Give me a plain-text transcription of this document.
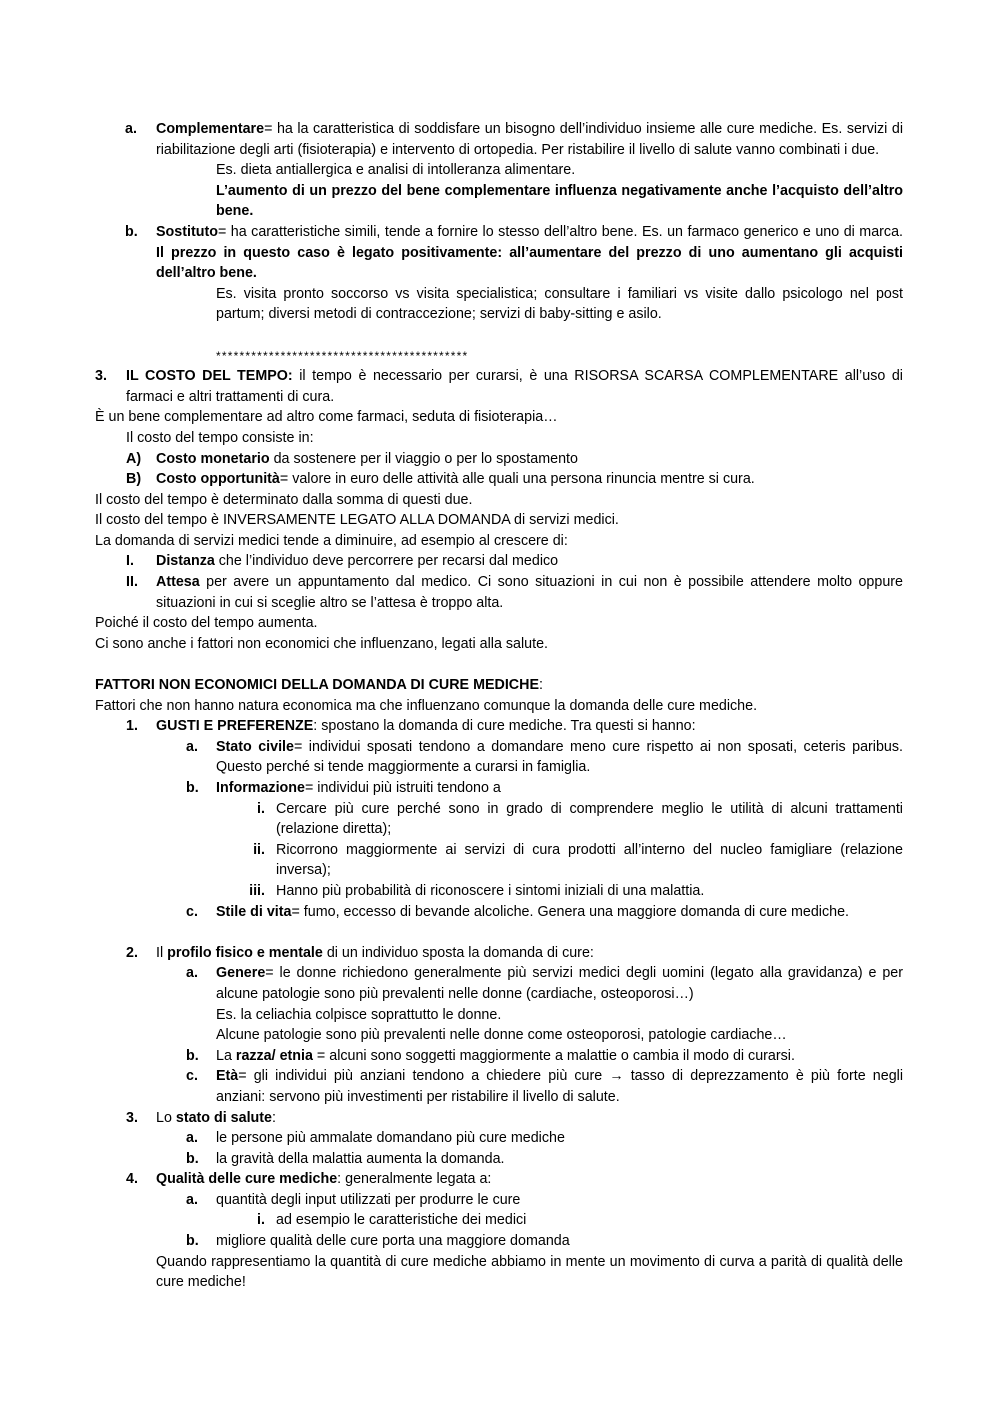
a. Complementare= ha la caratteristica di soddisfare un bisogno dell’individuo insieme alle cure mediche. Es. servizi di riabilitazione degli arti (fisioterapia) e intervento di ortopedia. Per ristabilire il livello di salute vanno combinati i due.
Es. dieta antiallergica e analisi di intolleranza alimentare.
L’aumento di un prezzo del bene complementare influenza negativamente anche l’acquisto dell’altro bene.
b. Sostituto= ha caratteristiche simili, tende a fornire lo stesso dell’altro bene. Es. un farmaco generico e uno di marca. Il prezzo in questo caso è legato positivamente: all’aumentare del prezzo di uno aumentano gli acquisti dell’altro bene.
Es. visita pronto soccorso vs visita specialistica; consultare i familiari vs visite dallo psicologo nel post partum; diversi metodi di contraccezione; servizi di baby-sitting e asilo.
*******************************************
3. IL COSTO DEL TEMPO: il tempo è necessario per curarsi, è una RISORSA SCARSA COMPLEMENTARE all’uso di farmaci e altri trattamenti di cura.
È un bene complementare ad altro come farmaci, seduta di fisioterapia…
Il costo del tempo consiste in:
A) Costo monetario da sostenere per il viaggio o per lo spostamento
B) Costo opportunità= valore in euro delle attività alle quali una persona rinuncia mentre si cura.
Il costo del tempo è determinato dalla somma di questi due.
Il costo del tempo è INVERSAMENTE LEGATO ALLA DOMANDA di servizi medici.
La domanda di servizi medici tende a diminuire, ad esempio al crescere di:
I. Distanza che l’individuo deve percorrere per recarsi dal medico
II. Attesa per avere un appuntamento dal medico. Ci sono situazioni in cui non è possibile attendere molto oppure situazioni in cui si sceglie altro se l’attesa è troppo alta.
Poiché il costo del tempo aumenta.
Ci sono anche i fattori non economici che influenzano, legati alla salute.
FATTORI NON ECONOMICI DELLA DOMANDA DI CURE MEDICHE:
Fattori che non hanno natura economica ma che influenzano comunque la domanda delle cure mediche.
1. GUSTI E PREFERENZE: spostano la domanda di cure mediche. Tra questi si hanno:
a. Stato civile= individui sposati tendono a domandare meno cure rispetto ai non sposati, ceteris paribus. Questo perché si tende maggiormente a curarsi in famiglia.
b. Informazione= individui più istruiti tendono a
i. Cercare più cure perché sono in grado di comprendere meglio le utilità di alcuni trattamenti (relazione diretta);
ii. Ricorrono maggiormente ai servizi di cura prodotti all’interno del nucleo famigliare (relazione inversa);
iii. Hanno più probabilità di riconoscere i sintomi iniziali di una malattia.
c. Stile di vita= fumo, eccesso di bevande alcoliche. Genera una maggiore domanda di cure mediche.
2. Il profilo fisico e mentale di un individuo sposta la domanda di cure:
a. Genere= le donne richiedono generalmente più servizi medici degli uomini (legato alla gravidanza) e per alcune patologie sono più prevalenti nelle donne (cardiache, osteoporosi…)
Es. la celiachia colpisce soprattutto le donne.
Alcune patologie sono più prevalenti nelle donne come osteoporosi, patologie cardiache…
b. La razza/ etnia = alcuni sono soggetti maggiormente a malattie o cambia il modo di curarsi.
c. Età= gli individui più anziani tendono a chiedere più cure → tasso di deprezzamento è più forte negli anziani: servono più investimenti per ristabilire il livello di salute.
3. Lo stato di salute:
a. le persone più ammalate domandano più cure mediche
b. la gravità della malattia aumenta la domanda.
4. Qualità delle cure mediche: generalmente legata a:
a. quantità degli input utilizzati per produrre le cure
i. ad esempio le caratteristiche dei medici
b. migliore qualità delle cure porta una maggiore domanda
Quando rappresentiamo la quantità di cure mediche abbiamo in mente un movimento di curva a parità di qualità delle cure mediche!
